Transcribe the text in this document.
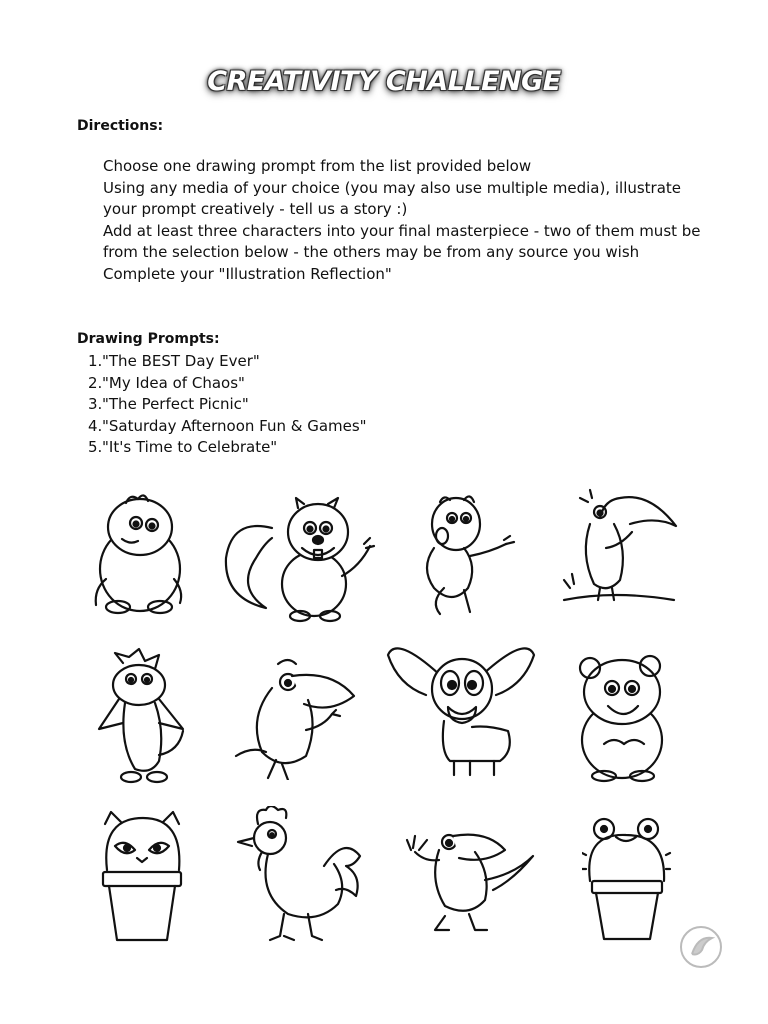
CREATIVITY CHALLENGE
Directions:
Choose one drawing prompt from the list provided below
Using any media of your choice (you may also use multiple media), illustrate your prompt creatively - tell us a story :)
Add at least three characters into your final masterpiece - two of them must be from the selection below - the others may be from any source you wish
Complete your "Illustration Reflection"
Drawing Prompts:
1."The BEST Day Ever"
2."My Idea of Chaos"
3."The Perfect Picnic"
4."Saturday Afternoon Fun & Games"
5."It's Time to Celebrate"
